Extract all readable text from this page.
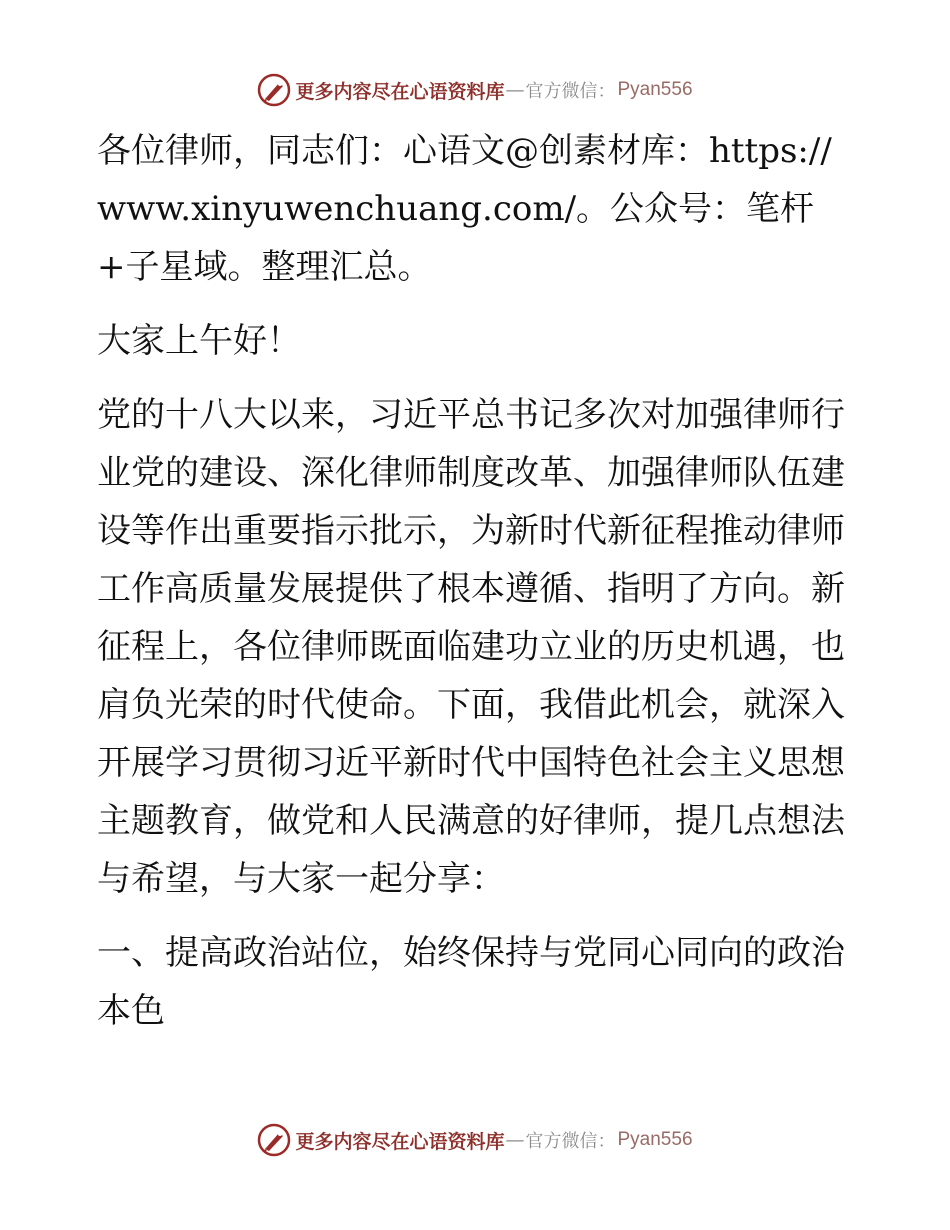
更多内容尽在心语资料库 — 官方微信： Pyan556

各位律师，同志们：心语文@创素材库：https://www.xinyuwenchuang.com/。公众号：笔杆+子星域。整理汇总。

大家上午好！

党的十八大以来，习近平总书记多次对加强律师行业党的建设、深化律师制度改革、加强律师队伍建设等作出重要指示批示，为新时代新征程推动律师工作高质量发展提供了根本遵循、指明了方向。新征程上，各位律师既面临建功立业的历史机遇，也肩负光荣的时代使命。下面，我借此机会，就深入开展学习贯彻习近平新时代中国特色社会主义思想主题教育，做党和人民满意的好律师，提几点想法与希望，与大家一起分享：

一、提高政治站位，始终保持与党同心同向的政治本色

更多内容尽在心语资料库 — 官方微信： Pyan556
